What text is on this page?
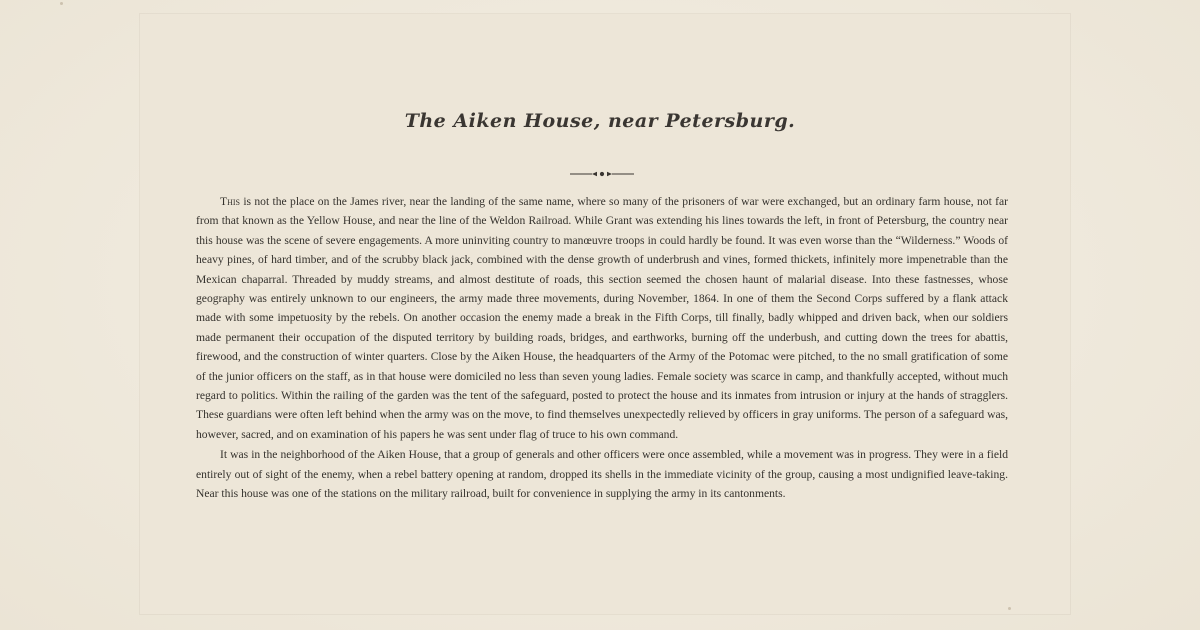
The Aiken House, near Petersburg.

This is not the place on the James river, near the landing of the same name, where so many of the prisoners of war were exchanged, but an ordinary farm house, not far from that known as the Yellow House, and near the line of the Weldon Railroad. While Grant was extending his lines towards the left, in front of Petersburg, the country near this house was the scene of severe engagements. A more uninviting country to manœuvre troops in could hardly be found. It was even worse than the “Wilderness.” Woods of heavy pines, of hard timber, and of the scrubby black jack, combined with the dense growth of underbrush and vines, formed thickets, infinitely more impenetrable than the Mexican chaparral. Threaded by muddy streams, and almost destitute of roads, this section seemed the chosen haunt of malarial disease. Into these fastnesses, whose geography was entirely unknown to our engineers, the army made three movements, during November, 1864. In one of them the Second Corps suffered by a flank attack made with some impetuosity by the rebels. On another occasion the enemy made a break in the Fifth Corps, till finally, badly whipped and driven back, when our soldiers made permanent their occupation of the disputed territory by building roads, bridges, and earthworks, burning off the underbush, and cutting down the trees for abattis, firewood, and the construction of winter quarters. Close by the Aiken House, the headquarters of the Army of the Potomac were pitched, to the no small gratification of some of the junior officers on the staff, as in that house were domiciled no less than seven young ladies. Female society was scarce in camp, and thankfully accepted, without much regard to politics. Within the railing of the garden was the tent of the safeguard, posted to protect the house and its inmates from intrusion or injury at the hands of stragglers. These guardians were often left behind when the army was on the move, to find themselves unexpectedly relieved by officers in gray uniforms. The person of a safeguard was, however, sacred, and on examination of his papers he was sent under flag of truce to his own command.

It was in the neighborhood of the Aiken House, that a group of generals and other officers were once assembled, while a movement was in progress. They were in a field entirely out of sight of the enemy, when a rebel battery opening at random, dropped its shells in the immediate vicinity of the group, causing a most undignified leave-taking. Near this house was one of the stations on the military railroad, built for convenience in supplying the army in its cantonments.
